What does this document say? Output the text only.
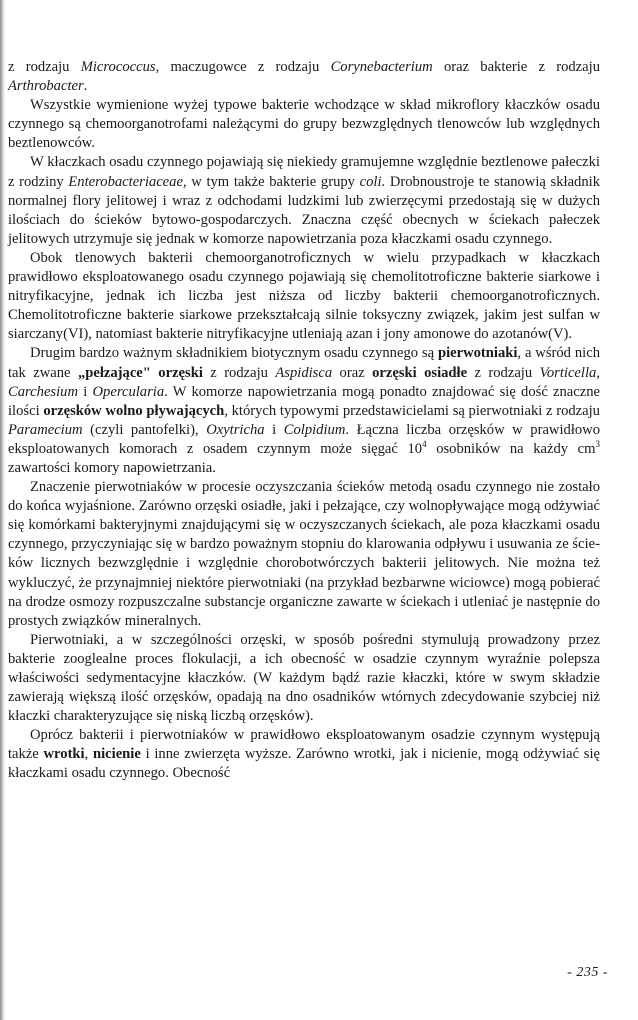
z rodzaju Micrococcus, maczugowce z rodzaju Corynebacterium oraz bakterie z rodzaju Arthrobacter.

Wszystkie wymienione wyżej typowe bakterie wchodzące w skład mikroflory kłaczków osadu czynnego są chemoorganotrofami należącymi do grupy bezwzględnych tlenowców lub względnych beztlenowców.

W kłaczkach osadu czynnego pojawiają się niekiedy gramujemne względnie beztlenowe pałeczki z rodziny Enterobacteriaceae, w tym także bakterie grupy coli. Drobnoustroje te stanowią składnik normalnej flory jelitowej i wraz z odchodami ludzkimi lub zwierzęcymi przedostają się w dużych ilościach do ścieków bytowo-gospodarczych. Znaczna część obecnych w ściekach pałeczek jelitowych utrzymuje się jednak w komorze napowietrzania poza kłaczkami osadu czynnego.

Obok tlenowych bakterii chemoorganotroficznych w wielu przypadkach w kłaczkach prawidłowo eksploatowanego osadu czynnego pojawiają się chemolitotroficzne bakterie siarkowe i nitryfikacyjne, jednak ich liczba jest niższa od liczby bakterii chemoorganotroficznych. Chemolitotroficzne bakterie siarkowe przekształcają silnie toksyczny związek, jakim jest sulfan w siarczany(VI), natomiast bakterie nitryfikacyjne utleniają azan i jony amonowe do azotanów(V).

Drugim bardzo ważnym składnikiem biotycznym osadu czynnego są pierwotniaki, a wśród nich tak zwane „pełzające" orzęski z rodzaju Aspidisca oraz orzęski osiadłe z rodzaju Vorticella, Carchesium i Opercularia. W komorze napowietrzania mogą ponadto znajdować się dość znaczne ilości orzęsków wolno pływających, których typowymi przedstawicielami są pierwotniaki z rodzaju Paramecium (czyli pantofelki), Oxytricha i Colpidium. Łączna liczba orzęsków w prawidłowo eksploatowanych komorach z osadem czynnym może sięgać $10^4$ osobników na każdy $cm^3$ zawartości komory napowietrzania.

Znaczenie pierwotniaków w procesie oczyszczania ścieków metodą osadu czynnego nie zostało do końca wyjaśnione. Zarówno orzęski osiadłe, jaki i pełzające, czy wolnopływające mogą odżywiać się komórkami bakteryjnymi znajdującymi się w oczyszczanych ściekach, ale poza kłaczkami osadu czynnego, przyczyniając się w bardzo poważnym stopniu do klarowania odpływu i usuwania ze ścieków licznych bezwzględnie i względnie chorobotwórczych bakterii jelitowych. Nie można też wykluczyć, że przynajmniej niektóre pierwotniaki (na przykład bezbarwne wiciowce) mogą pobierać na drodze osmozy rozpuszczalne substancje organiczne zawarte w ściekach i utleniać je następnie do prostych związków mineralnych.

Pierwotniaki, a w szczególności orzęski, w sposób pośredni stymulują prowadzony przez bakterie zooglealne proces flokulacji, a ich obecność w osadzie czynnym wyraźnie polepsza właściwości sedymentacyjne kłaczków. (W każdym bądź razie kłaczki, które w swym składzie zawierają większą ilość orzęsków, opadają na dno osadników wtórnych zdecydowanie szybciej niż kłaczki charakteryzujące się niską liczbą orzęsków).

Oprócz bakterii i pierwotniaków w prawidłowo eksploatowanym osadzie czynnym występują także wrotki, nicienie i inne zwierzęta wyższe. Zarówno wrotki, jak i nicienie, mogą odżywiać się kłaczkami osadu czynnego. Obecność

- 235 -
